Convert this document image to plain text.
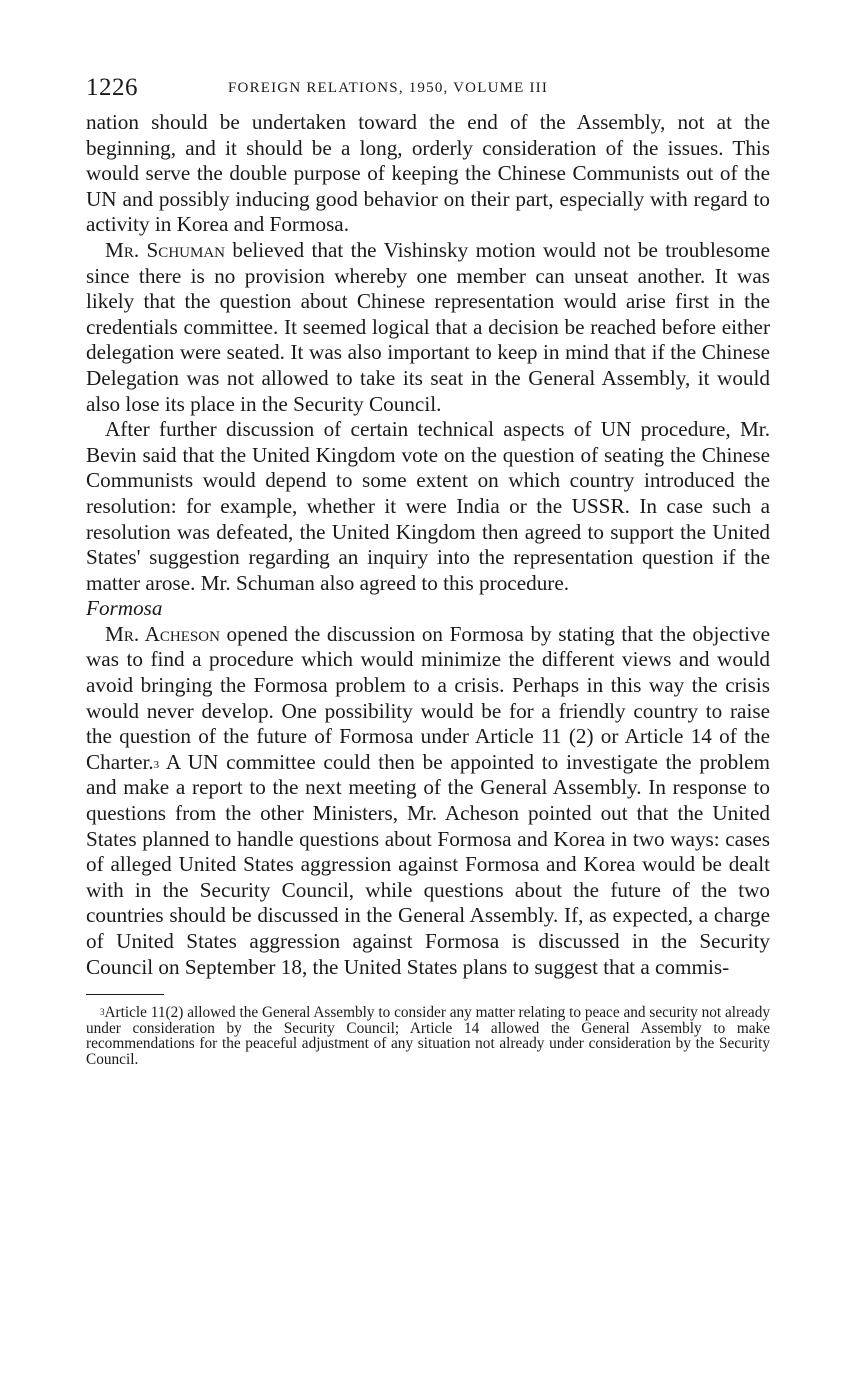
1226	FOREIGN RELATIONS, 1950, VOLUME III

nation should be undertaken toward the end of the Assembly, not at the beginning, and it should be a long, orderly consideration of the issues. This would serve the double purpose of keeping the Chinese Communists out of the UN and possibly inducing good behavior on their part, especially with regard to activity in Korea and Formosa.

Mr. Schuman believed that the Vishinsky motion would not be troublesome since there is no provision whereby one member can unseat another. It was likely that the question about Chinese representation would arise first in the credentials committee. It seemed logical that a decision be reached before either delegation were seated. It was also important to keep in mind that if the Chinese Delegation was not allowed to take its seat in the General Assembly, it would also lose its place in the Security Council.

After further discussion of certain technical aspects of UN procedure, Mr. Bevin said that the United Kingdom vote on the question of seating the Chinese Communists would depend to some extent on which country introduced the resolution: for example, whether it were India or the USSR. In case such a resolution was defeated, the United Kingdom then agreed to support the United States' suggestion regarding an inquiry into the representation question if the matter arose. Mr. Schuman also agreed to this procedure.

Formosa

Mr. Acheson opened the discussion on Formosa by stating that the objective was to find a procedure which would minimize the different views and would avoid bringing the Formosa problem to a crisis. Perhaps in this way the crisis would never develop. One possibility would be for a friendly country to raise the question of the future of Formosa under Article 11 (2) or Article 14 of the Charter.$^3$ A UN committee could then be appointed to investigate the problem and make a report to the next meeting of the General Assembly. In response to questions from the other Ministers, Mr. Acheson pointed out that the United States planned to handle questions about Formosa and Korea in two ways: cases of alleged United States aggression against Formosa and Korea would be dealt with in the Security Council, while questions about the future of the two countries should be discussed in the General Assembly. If, as expected, a charge of United States aggression against Formosa is discussed in the Security Council on September 18, the United States plans to suggest that a commis-

$^3$Article 11(2) allowed the General Assembly to consider any matter relating to peace and security not already under consideration by the Security Council; Article 14 allowed the General Assembly to make recommendations for the peaceful adjustment of any situation not already under consideration by the Security Council.
